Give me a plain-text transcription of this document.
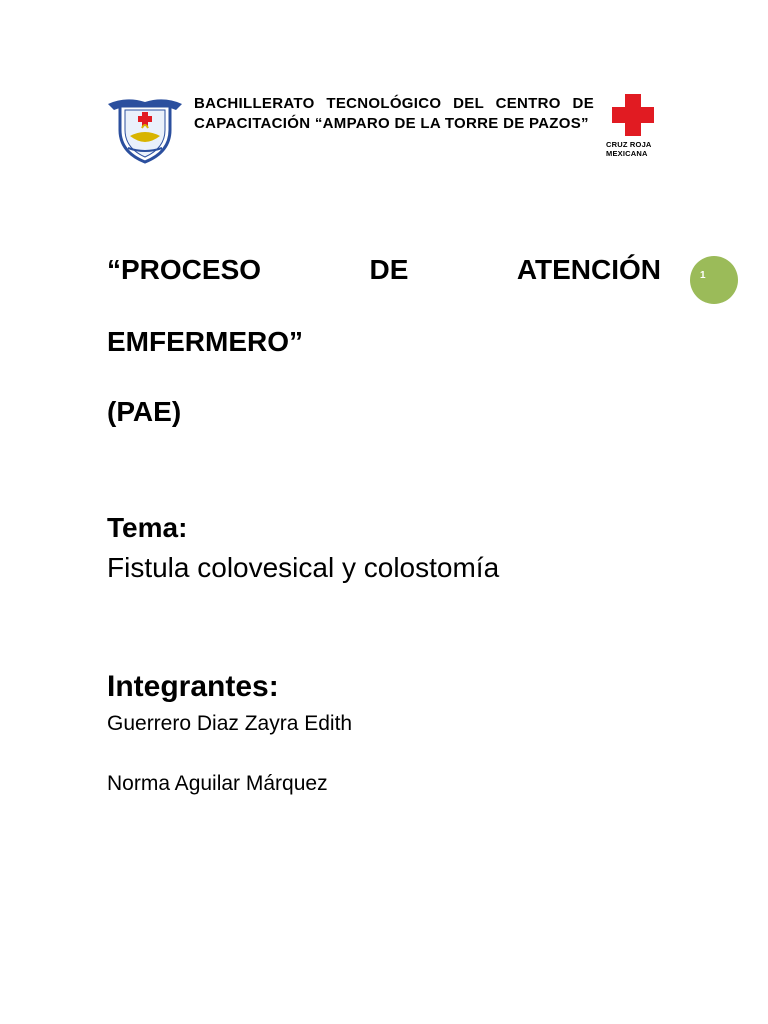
BACHILLERATO TECNOLÓGICO DEL CENTRO DE CAPACITACIÓN “AMPARO DE LA TORRE DE PAZOS”
CRUZ ROJA
MEXICANA
“PROCESO	DE	ATENCIÓN
EMFERMERO”
(PAE)
1
Tema:
Fistula colovesical y colostomía
Integrantes:
Guerrero Diaz Zayra Edith
Norma Aguilar Márquez
